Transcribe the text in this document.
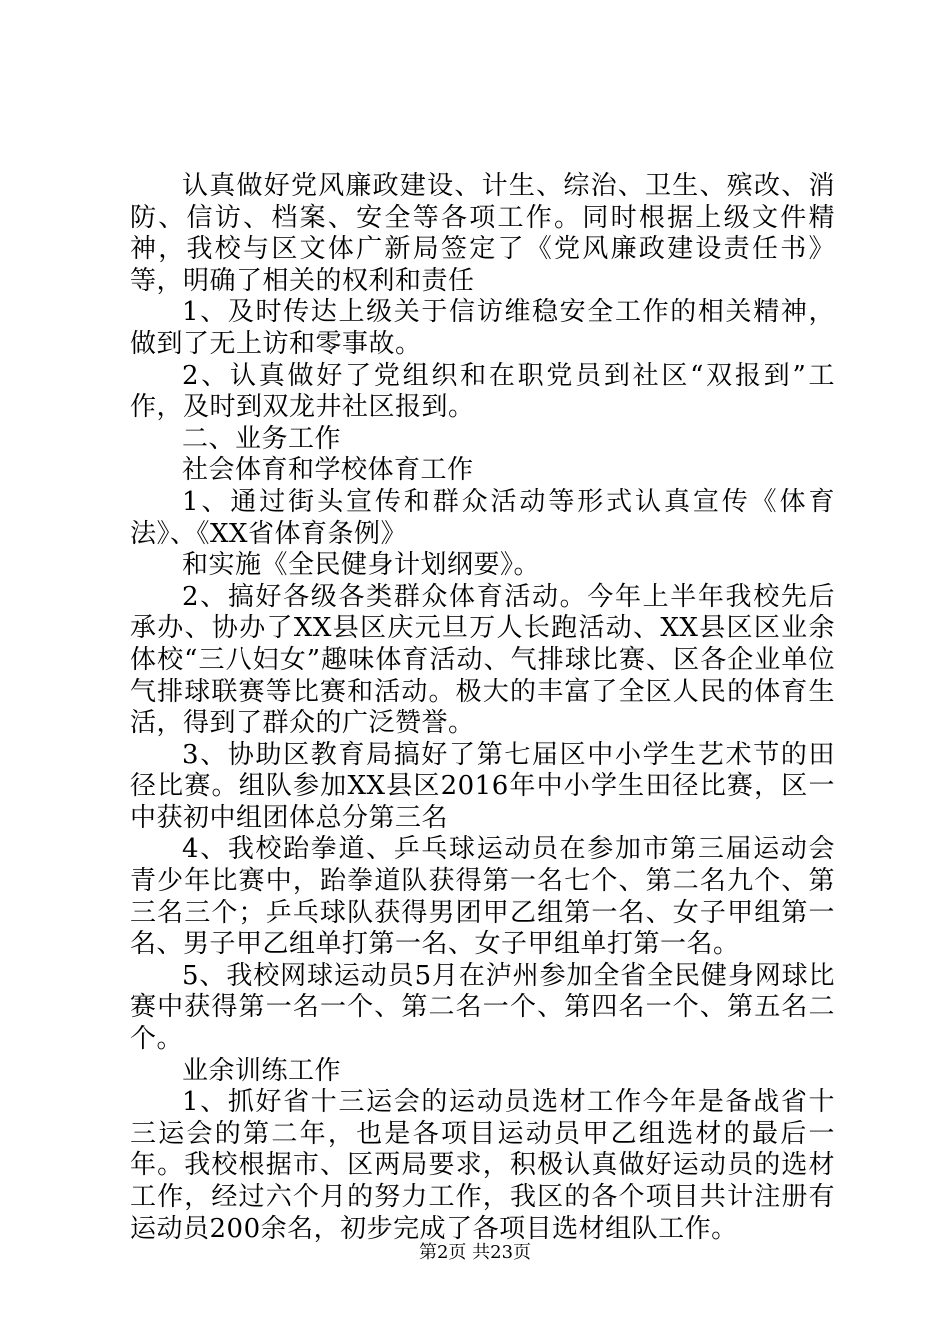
认真做好党风廉政建设、计生、综治、卫生、殡改、消防、信访、档案、安全等各项工作。同时根据上级文件精神，我校与区文体广新局签定了《党风廉政建设责任书》等，明确了相关的权利和责任

1、及时传达上级关于信访维稳安全工作的相关精神，做到了无上访和零事故。

2、认真做好了党组织和在职党员到社区“双报到”工作，及时到双龙井社区报到。

二、业务工作

社会体育和学校体育工作

1、通过街头宣传和群众活动等形式认真宣传《体育法》、《XX省体育条例》

和实施《全民健身计划纲要》。

2、搞好各级各类群众体育活动。今年上半年我校先后承办、协办了XX县区庆元旦万人长跑活动、XX县区区业余体校“三八妇女”趣味体育活动、气排球比赛、区各企业单位气排球联赛等比赛和活动。极大的丰富了全区人民的体育生活，得到了群众的广泛赞誉。

3、协助区教育局搞好了第七届区中小学生艺术节的田径比赛。组队参加XX县区2016年中小学生田径比赛，区一中获初中组团体总分第三名

4、我校跆拳道、乒乓球运动员在参加市第三届运动会青少年比赛中，跆拳道队获得第一名七个、第二名九个、第三名三个；乒乓球队获得男团甲乙组第一名、女子甲组第一名、男子甲乙组单打第一名、女子甲组单打第一名。

5、我校网球运动员5月在泸州参加全省全民健身网球比赛中获得第一名一个、第二名一个、第四名一个、第五名二个。

业余训练工作

1、抓好省十三运会的运动员选材工作今年是备战省十三运会的第二年，也是各项目运动员甲乙组选材的最后一年。我校根据市、区两局要求，积极认真做好运动员的选材工作，经过六个月的努力工作，我区的各个项目共计注册有运动员200余名，初步完成了各项目选材组队工作。

第2页 共23页
